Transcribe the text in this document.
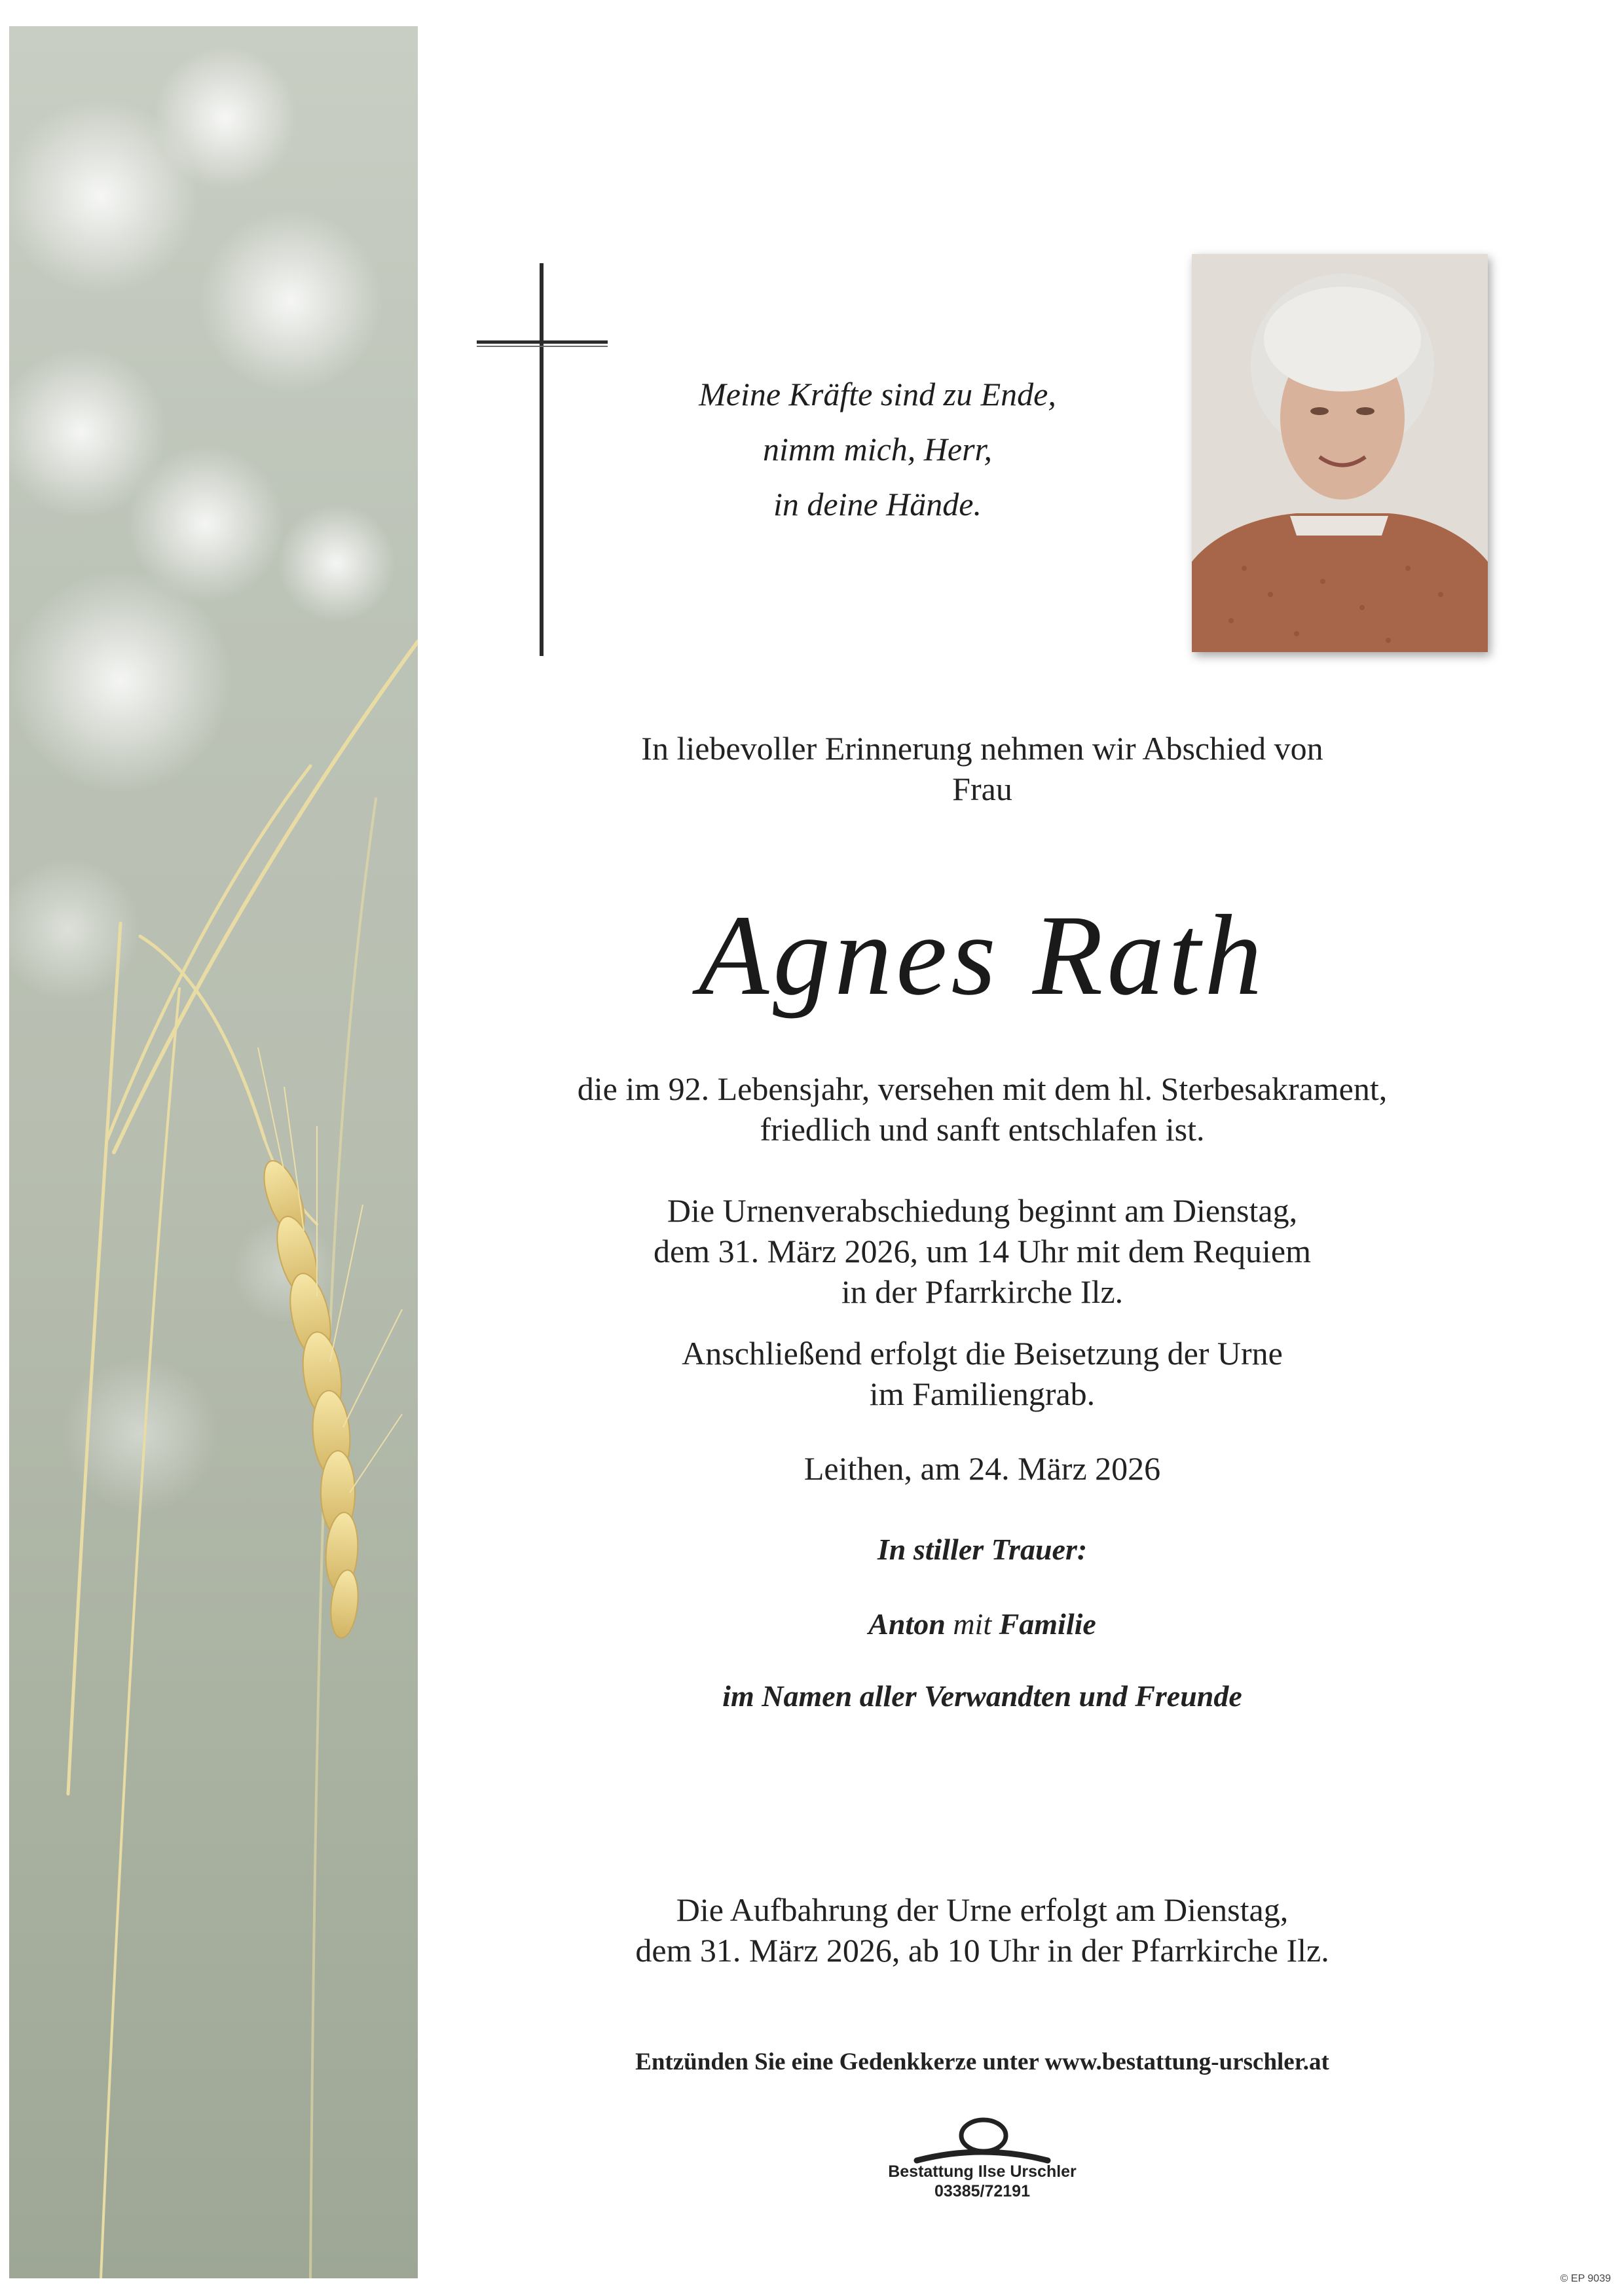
Meine Kräfte sind zu Ende,
nimm mich, Herr,
in deine Hände.
In liebevoller Erinnerung nehmen wir Abschied von
Frau
Agnes Rath
die im 92. Lebensjahr, versehen mit dem hl. Sterbesakrament,
friedlich und sanft entschlafen ist.
Die Urnenverabschiedung beginnt am Dienstag,
dem 31. März 2026, um 14 Uhr mit dem Requiem
in der Pfarrkirche Ilz.
Anschließend erfolgt die Beisetzung der Urne
im Familiengrab.
Leithen, am 24. März 2026
In stiller Trauer:
Anton mit Familie
im Namen aller Verwandten und Freunde
Die Aufbahrung der Urne erfolgt am Dienstag,
dem 31. März 2026, ab 10 Uhr in der Pfarrkirche Ilz.
Entzünden Sie eine Gedenkkerze unter www.bestattung-urschler.at
Bestattung Ilse Urschler
03385/72191
© EP 9039
